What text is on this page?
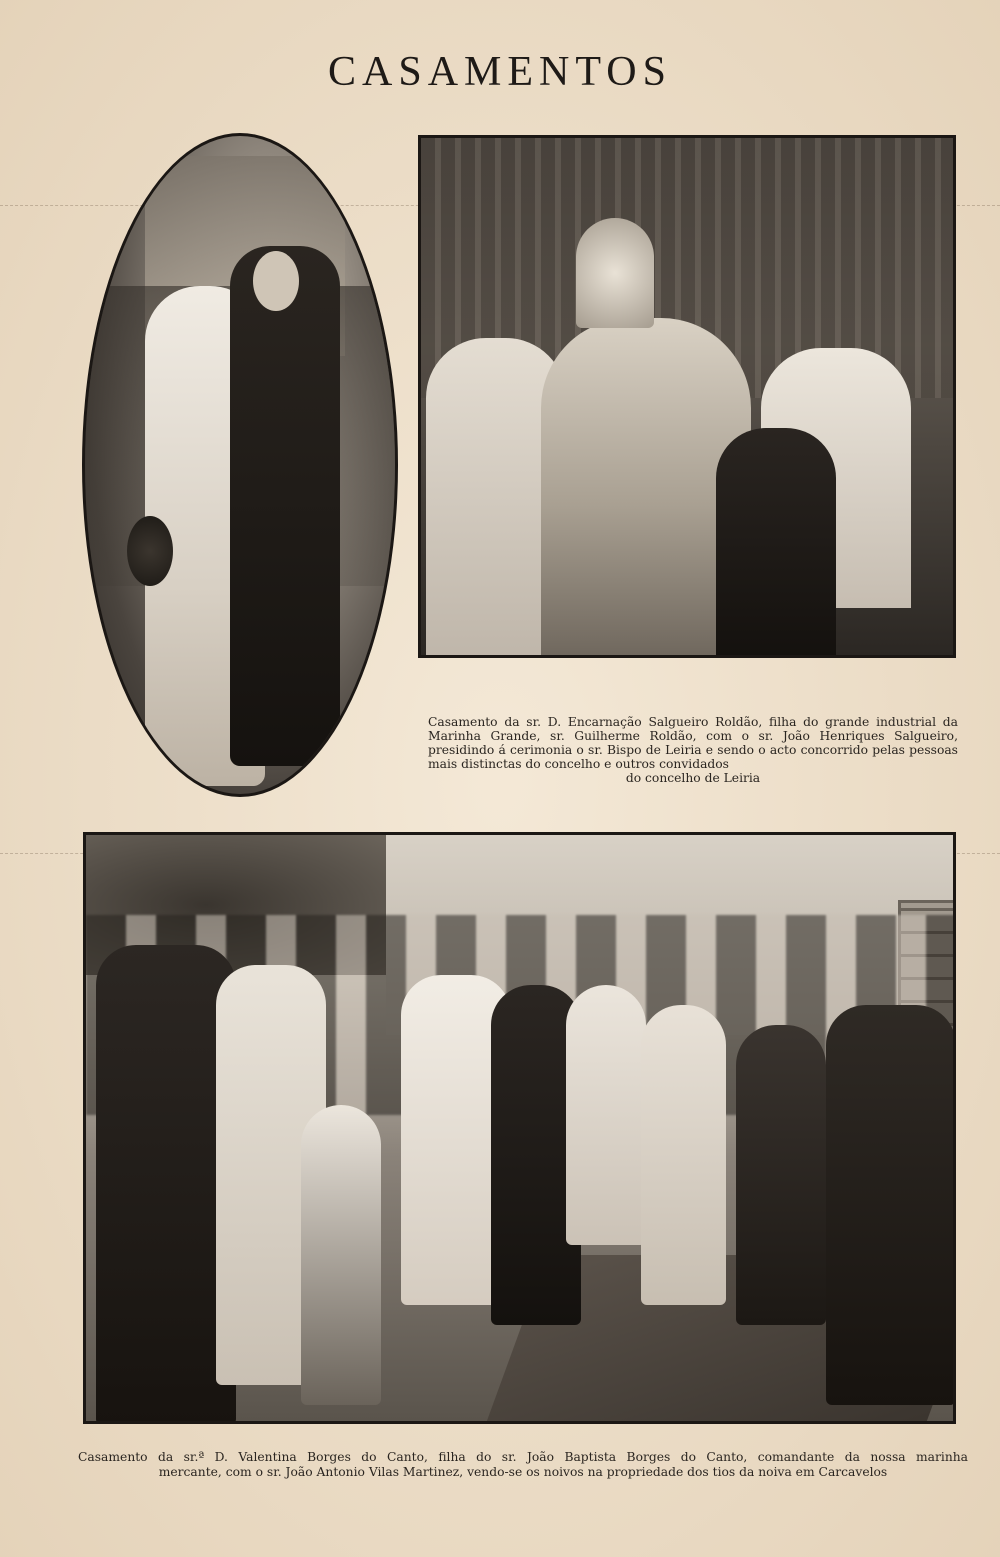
CASAMENTOS
Casamento da sr. D. Encarnação Salgueiro Roldão, filha do grande industrial da Marinha Grande, sr. Guilherme Roldão, com o sr. João Henriques Salgueiro, presidindo á cerimonia o sr. Bispo de Leiria e sendo o acto concorrido pelas pessoas mais distinctas do concelho e outros convidados
do concelho de Leiria
Casamento da sr.ª D. Valentina Borges do Canto, filha do sr. João Baptista Borges do Canto, comandante da nossa marinha
mercante, com o sr. João Antonio Vilas Martinez, vendo-se os noivos na propriedade dos tios da noiva em Carcavelos
